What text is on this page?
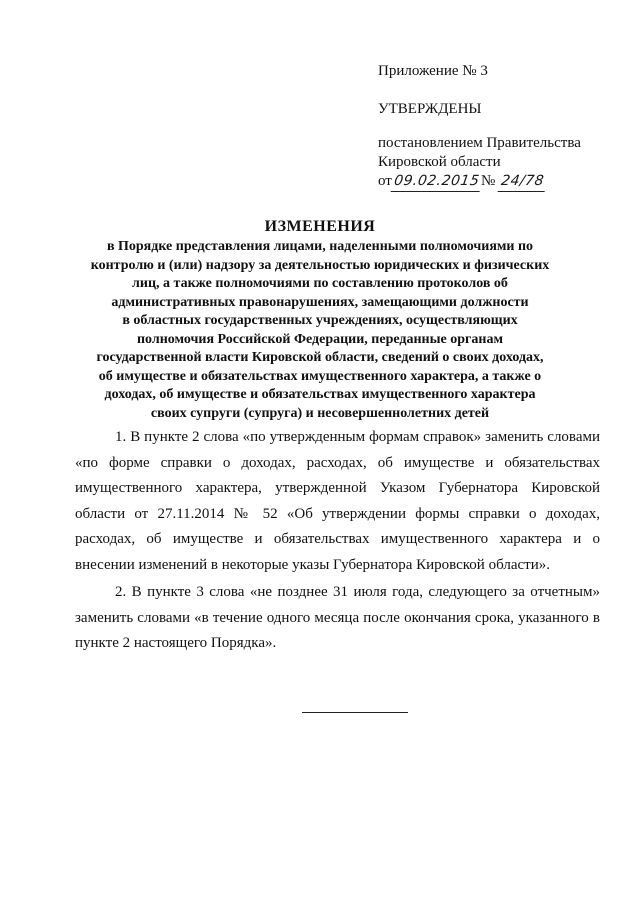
Приложение № 3
УТВЕРЖДЕНЫ
постановлением Правительства
Кировской области
от09.02.2015№ 24/78
ИЗМЕНЕНИЯ
в Порядке представления лицами, наделенными полномочиями по
контролю и (или) надзору за деятельностью юридических и физических
лиц, а также полномочиями по составлению протоколов об
административных правонарушениях, замещающими должности
в областных государственных учреждениях, осуществляющих
полномочия Российской Федерации, переданные органам
государственной власти Кировской области, сведений о своих доходах,
об имуществе и обязательствах имущественного характера, а также о
доходах, об имуществе и обязательствах имущественного характера
своих супруги (супруга) и несовершеннолетних детей

1. В пункте 2 слова «по утвержденным формам справок» заменить словами «по форме справки о доходах, расходах, об имуществе и обязательствах имущественного характера, утвержденной Указом Губернатора Кировской области от 27.11.2014 № 52 «Об утверждении формы справки о доходах, расходах, об имуществе и обязательствах имущественного характера и о внесении изменений в некоторые указы Губернатора Кировской области».

2. В пункте 3 слова «не позднее 31 июля года, следующего за отчетным» заменить словами «в течение одного месяца после окончания срока, указанного в пункте 2 настоящего Порядка».
